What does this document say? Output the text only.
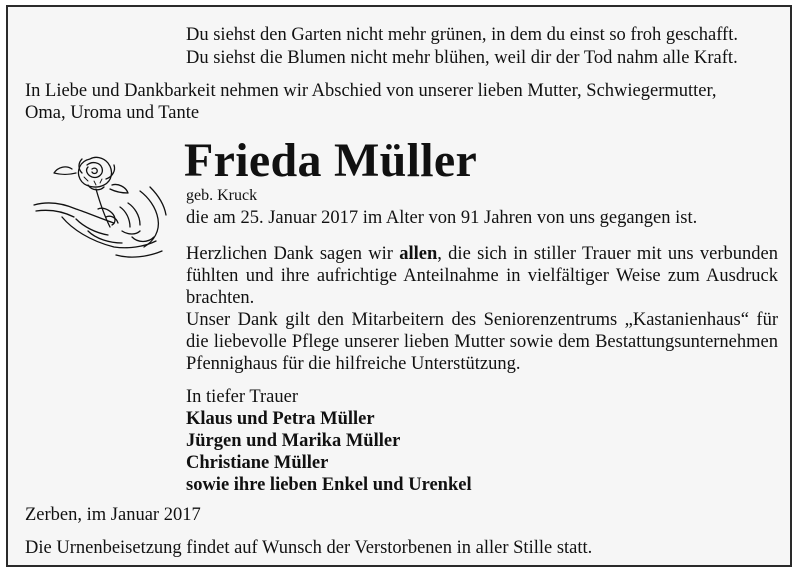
Du siehst den Garten nicht mehr grünen, in dem du einst so froh geschafft.
Du siehst die Blumen nicht mehr blühen, weil dir der Tod nahm alle Kraft.
In Liebe und Dankbarkeit nehmen wir Abschied von unserer lieben Mutter, Schwiegermutter,
Oma, Uroma und Tante
Frieda Müller
geb. Kruck
die am 25. Januar 2017 im Alter von 91 Jahren von uns gegangen ist.
Herzlichen Dank sagen wir allen, die sich in stiller Trauer mit uns verbunden fühlten und ihre aufrichtige Anteilnahme in vielfältiger Weise zum Ausdruck brachten.
Unser Dank gilt den Mitarbeitern des Seniorenzentrums „Kastanienhaus“ für die liebevolle Pflege unserer lieben Mutter sowie dem Bestattungsunternehmen Pfennighaus für die hilfreiche Unterstützung.
In tiefer Trauer
Klaus und Petra Müller
Jürgen und Marika Müller
Christiane Müller
sowie ihre lieben Enkel und Urenkel
Zerben, im Januar 2017
Die Urnenbeisetzung findet auf Wunsch der Verstorbenen in aller Stille statt.
